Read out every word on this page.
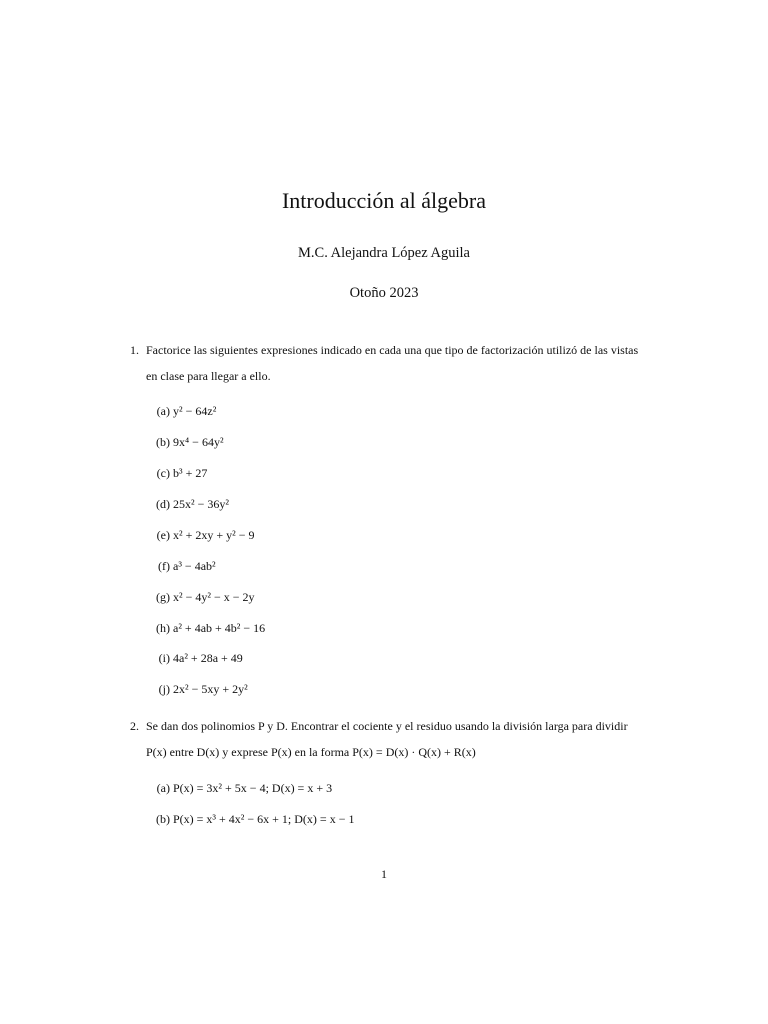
Introducción al álgebra
M.C. Alejandra López Aguila
Otoño 2023
1. Factorice las siguientes expresiones indicado en cada una que tipo de factorización utilizó de las vistas
en clase para llegar a ello.
(a) y² − 64z²
(b) 9x⁴ − 64y²
(c) b³ + 27
(d) 25x² − 36y²
(e) x² + 2xy + y² − 9
(f) a³ − 4ab²
(g) x² − 4y² − x − 2y
(h) a² + 4ab + 4b² − 16
(i) 4a² + 28a + 49
(j) 2x² − 5xy + 2y²
2. Se dan dos polinomios P y D. Encontrar el cociente y el residuo usando la división larga para dividir
P(x) entre D(x) y exprese P(x) en la forma P(x) = D(x) · Q(x) + R(x)
(a) P(x) = 3x² + 5x − 4; D(x) = x + 3
(b) P(x) = x³ + 4x² − 6x + 1; D(x) = x − 1
1
